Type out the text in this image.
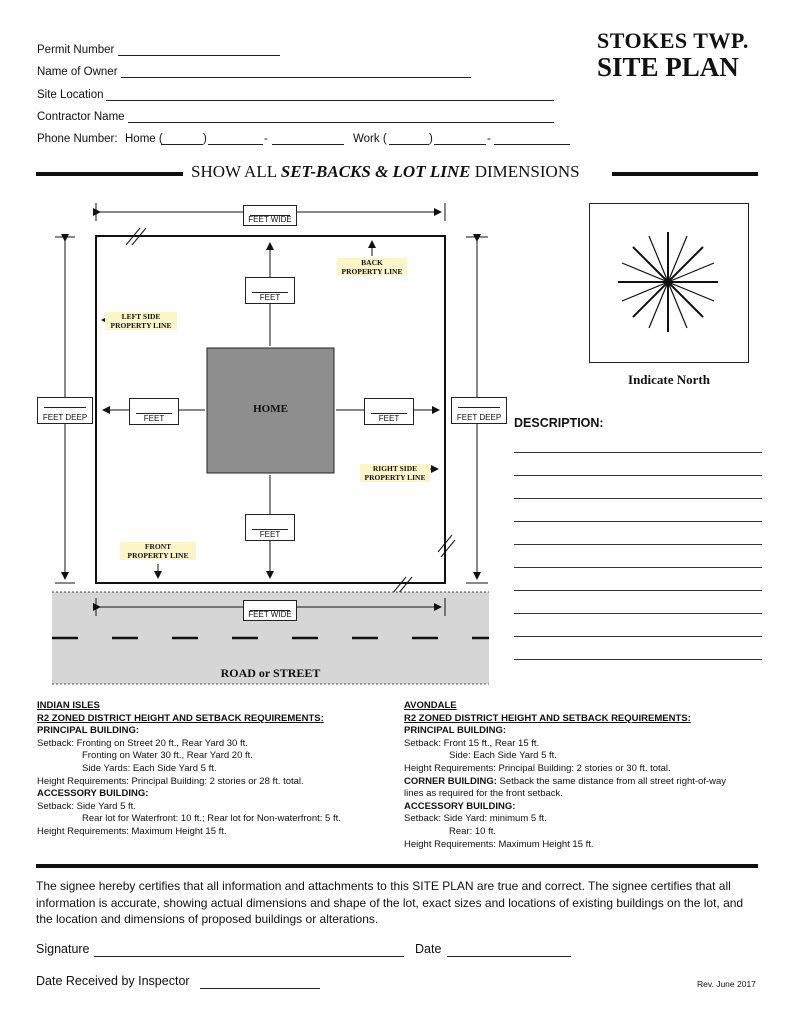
Permit Number
Name of Owner
Site Location
Contractor Name
Phone Number: Home (	)	-	Work (	)	-
STOKES TWP.
SITE PLAN
SHOW ALL SET-BACKS & LOT LINE DIMENSIONS
FEET WIDE
FEET DEEP	FEET DEEP
FEET
FEET
FEET	FEET
FEET WIDE
HOME
BACK
PROPERTY LINE
LEFT SIDE
PROPERTY LINE
RIGHT SIDE
PROPERTY LINE
FRONT
PROPERTY LINE
ROAD or STREET
Indicate North
DESCRIPTION:
INDIAN ISLES
R2 ZONED DISTRICT HEIGHT AND SETBACK REQUIREMENTS:
PRINCIPAL BUILDING:
Setback: Fronting on Street 20 ft., Rear Yard 30 ft.
Fronting on Water 30 ft., Rear Yard 20 ft.
Side Yards: Each Side Yard 5 ft.
Height Requirements: Principal Building: 2 stories or 28 ft. total.
ACCESSORY BUILDING:
Setback: Side Yard 5 ft.
Rear lot for Waterfront: 10 ft.; Rear lot for Non-waterfront: 5 ft.
Height Requirements: Maximum Height 15 ft.
AVONDALE
R2 ZONED DISTRICT HEIGHT AND SETBACK REQUIREMENTS:
PRINCIPAL BUILDING:
Setback: Front 15 ft., Rear 15 ft.
Side: Each Side Yard 5 ft.
Height Requirements: Principal Building: 2 stories or 30 ft. total.
CORNER BUILDING: Setback the same distance from all street right-of-way
lines as required for the front setback.
ACCESSORY BUILDING:
Setback: Side Yard: minimum 5 ft.
Rear: 10 ft.
Height Requirements: Maximum Height 15 ft.
The signee hereby certifies that all information and attachments to this SITE PLAN are true and correct. The signee certifies that all information is accurate, showing actual dimensions and shape of the lot, exact sizes and locations of existing buildings on the lot, and the location and dimensions of proposed buildings or alterations.
Signature	Date
Date Received by Inspector	Rev. June 2017
